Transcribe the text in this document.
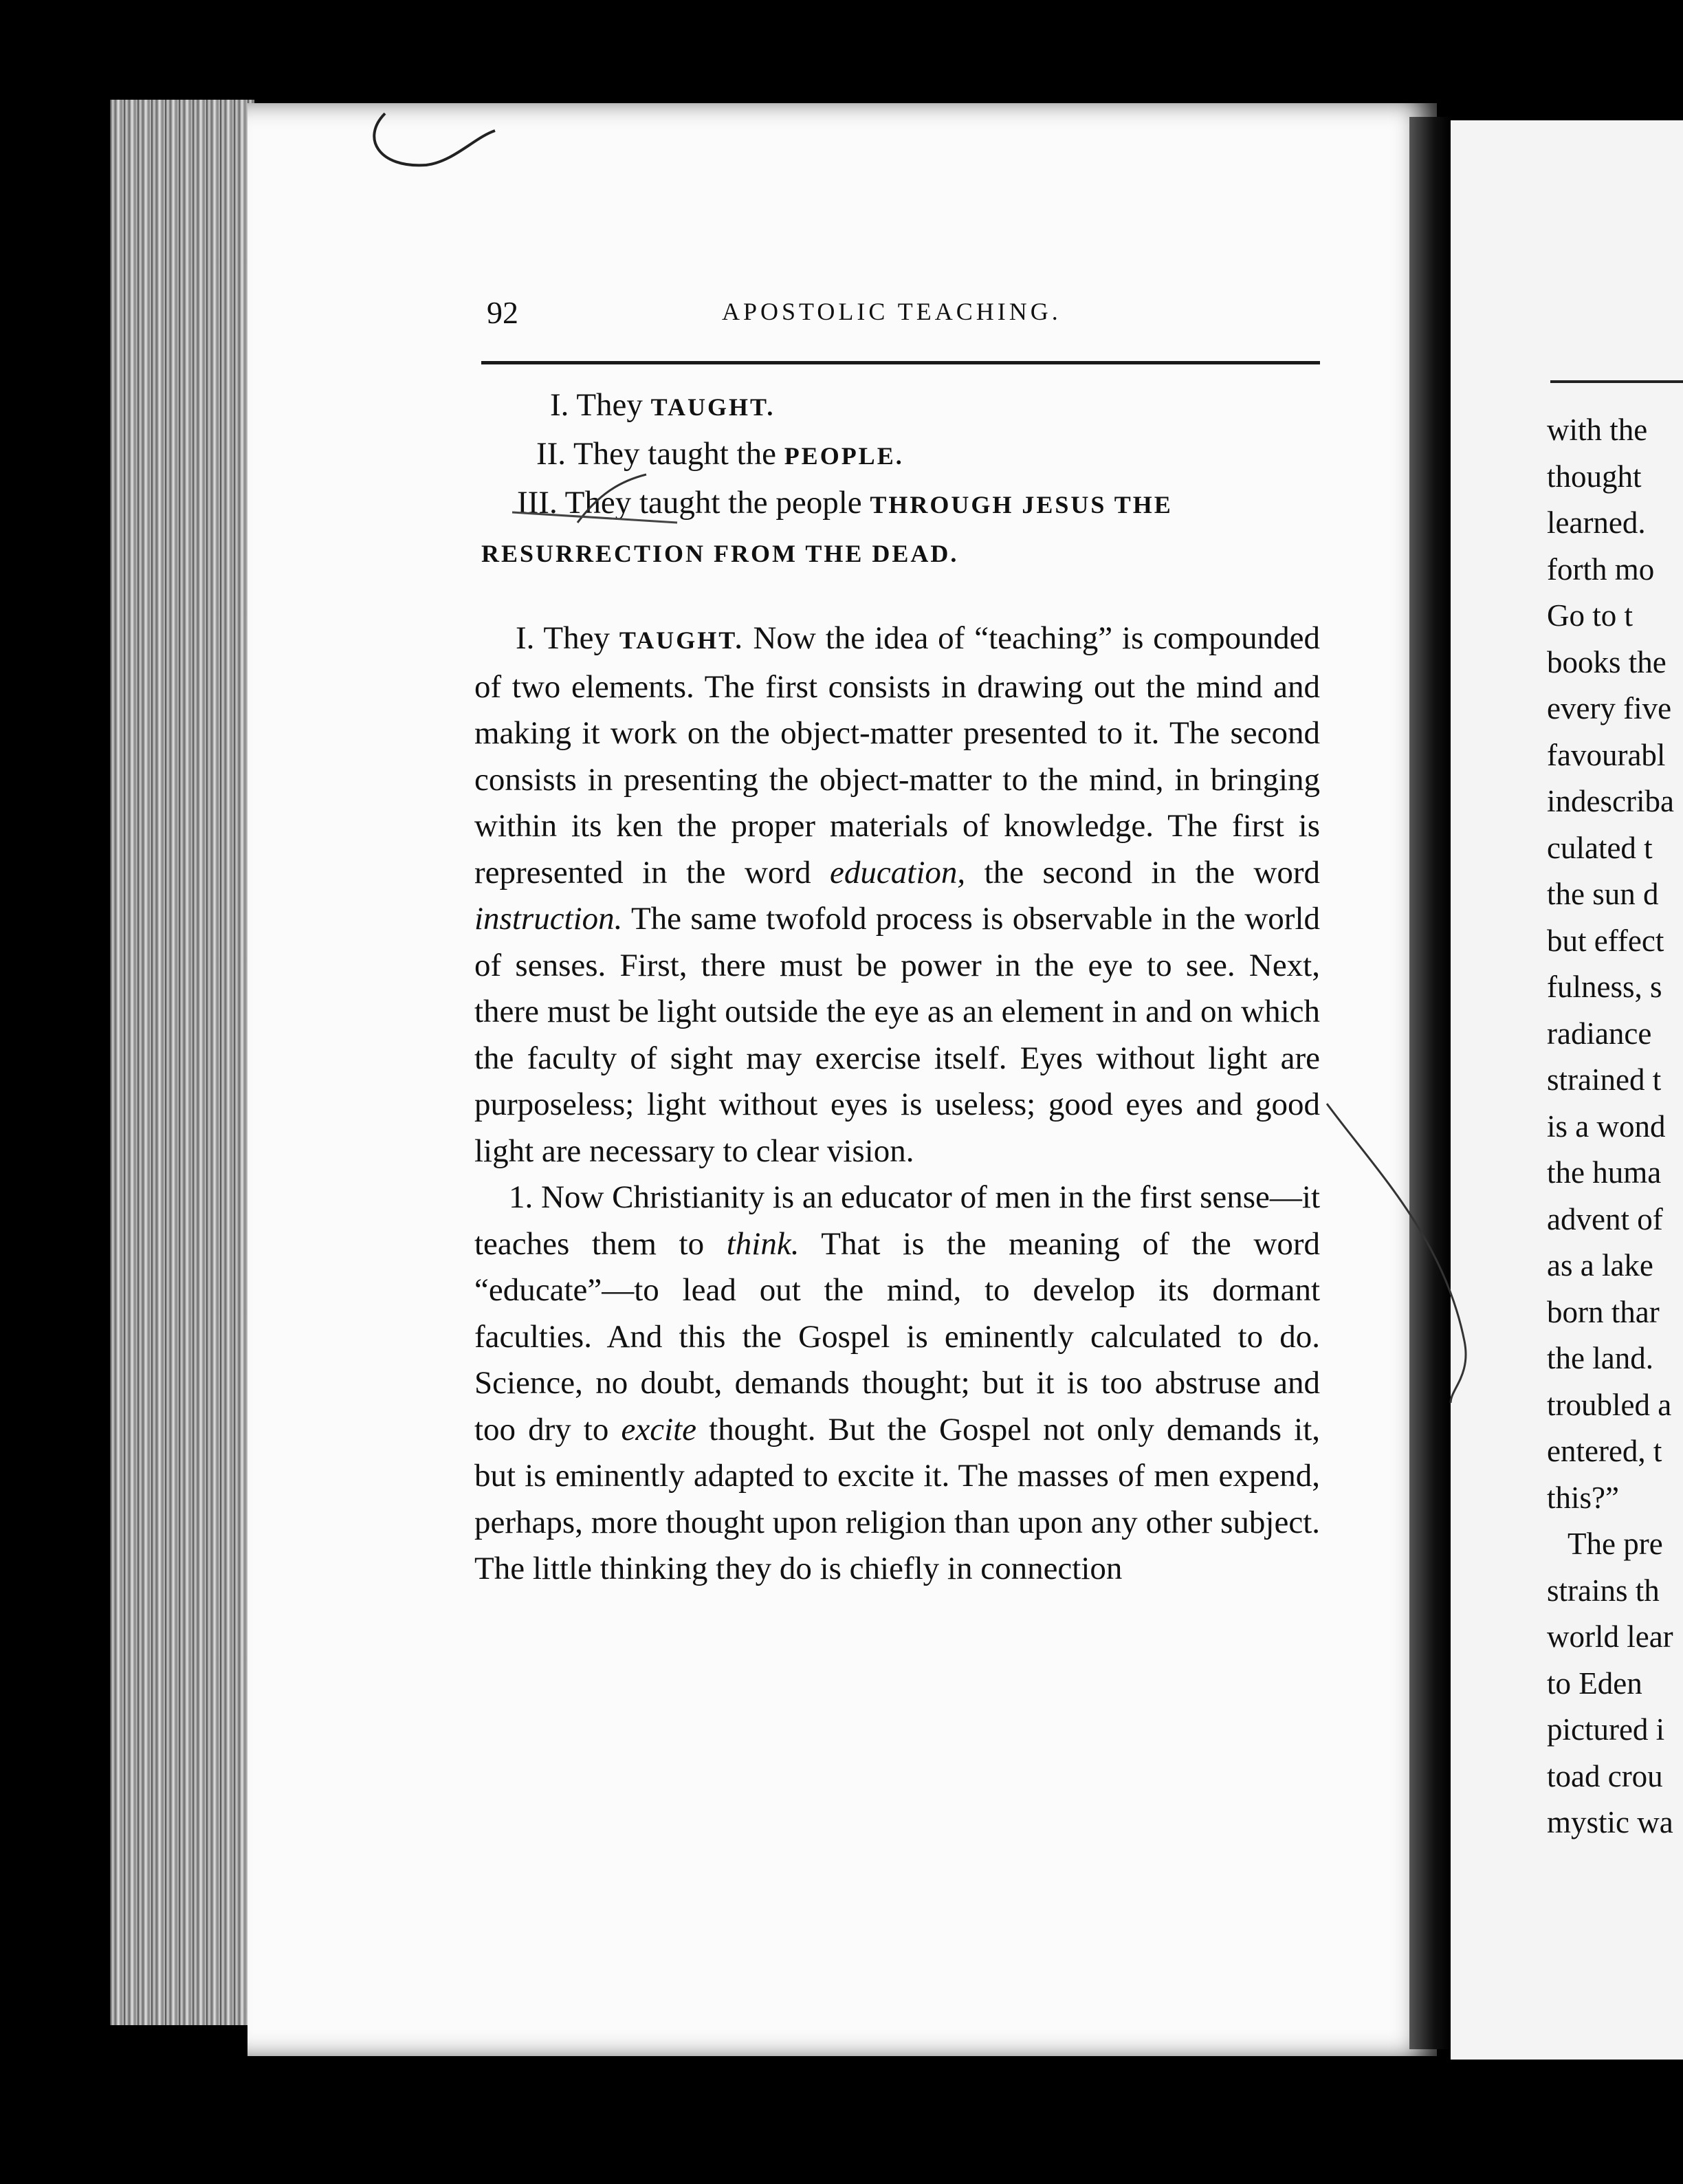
92	APOSTOLIC TEACHING.
I. They TAUGHT.
II. They taught the PEOPLE.
III. They taught the people THROUGH JESUS THE
RESURRECTION FROM THE DEAD.

I. They TAUGHT. Now the idea of “teaching” is compounded of two elements. The first consists in drawing out the mind and making it work on the object-matter presented to it. The second consists in presenting the object-matter to the mind, in bringing within its ken the proper materials of knowledge. The first is represented in the word education, the second in the word instruction. The same twofold process is observable in the world of senses. First, there must be power in the eye to see. Next, there must be light outside the eye as an element in and on which the faculty of sight may exercise itself. Eyes without light are purposeless; light without eyes is useless; good eyes and good light are necessary to clear vision.

1. Now Christianity is an educator of men in the first sense—it teaches them to think. That is the meaning of the word “educate”—to lead out the mind, to develop its dormant faculties. And this the Gospel is eminently calculated to do. Science, no doubt, demands thought; but it is too abstruse and too dry to excite thought. But the Gospel not only demands it, but is eminently adapted to excite it. The masses of men expend, perhaps, more thought upon religion than upon any other subject. The little thinking they do is chiefly in connection

with the
thought
learned.
forth mo
Go to t
books the
every five
favourabl
indescriba
culated t
the sun d
but effect
fulness, s
radiance
strained t
is a wond
the huma
advent of
as a lake
born thar
the land.
troubled a
entered, t
this?”
The pre
strains th
world lear
to Eden
pictured i
toad crou
mystic wa
